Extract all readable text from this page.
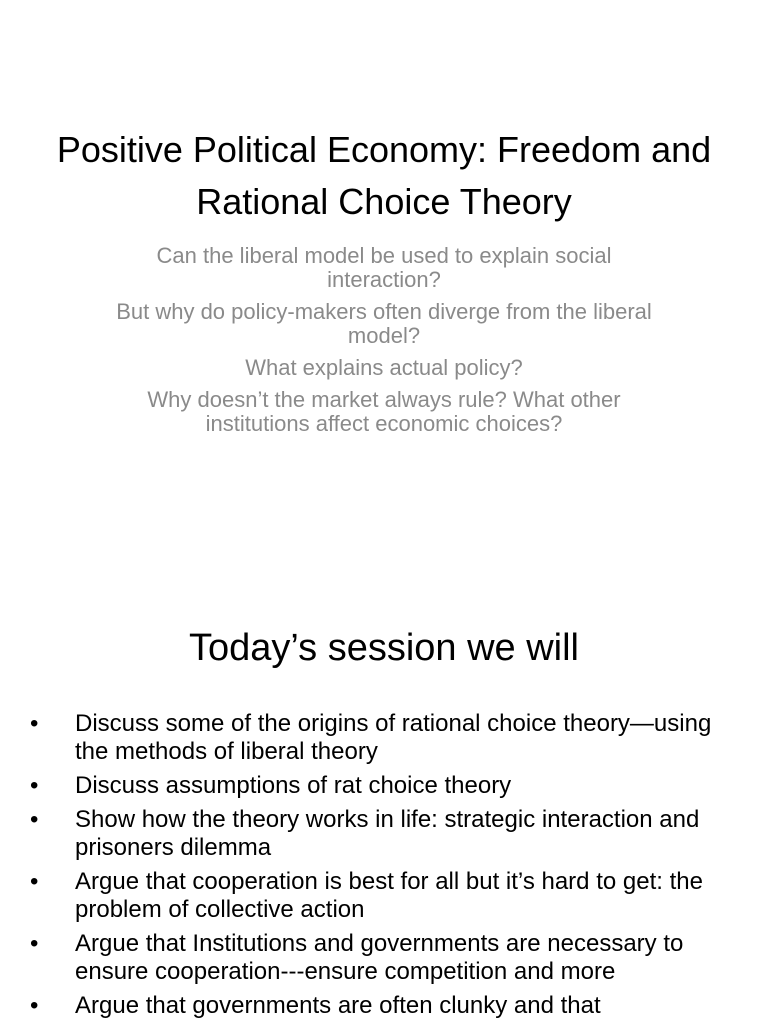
Positive Political Economy: Freedom and Rational Choice Theory

Can the liberal model be used to explain social interaction?

But why do policy-makers often diverge from the liberal model?

What explains actual policy?

Why doesn’t the market always rule? What other institutions affect economic choices?

Today’s session we will
•	Discuss some of the origins of rational choice theory—using the methods of liberal theory
•	Discuss assumptions of rat choice theory
•	Show how the theory works in life: strategic interaction and prisoners dilemma
•	Argue that cooperation is best for all but it’s hard to get: the problem of collective action
•	Argue that Institutions and governments are necessary to ensure cooperation---ensure competition and more
•	Argue that governments are often clunky and that
